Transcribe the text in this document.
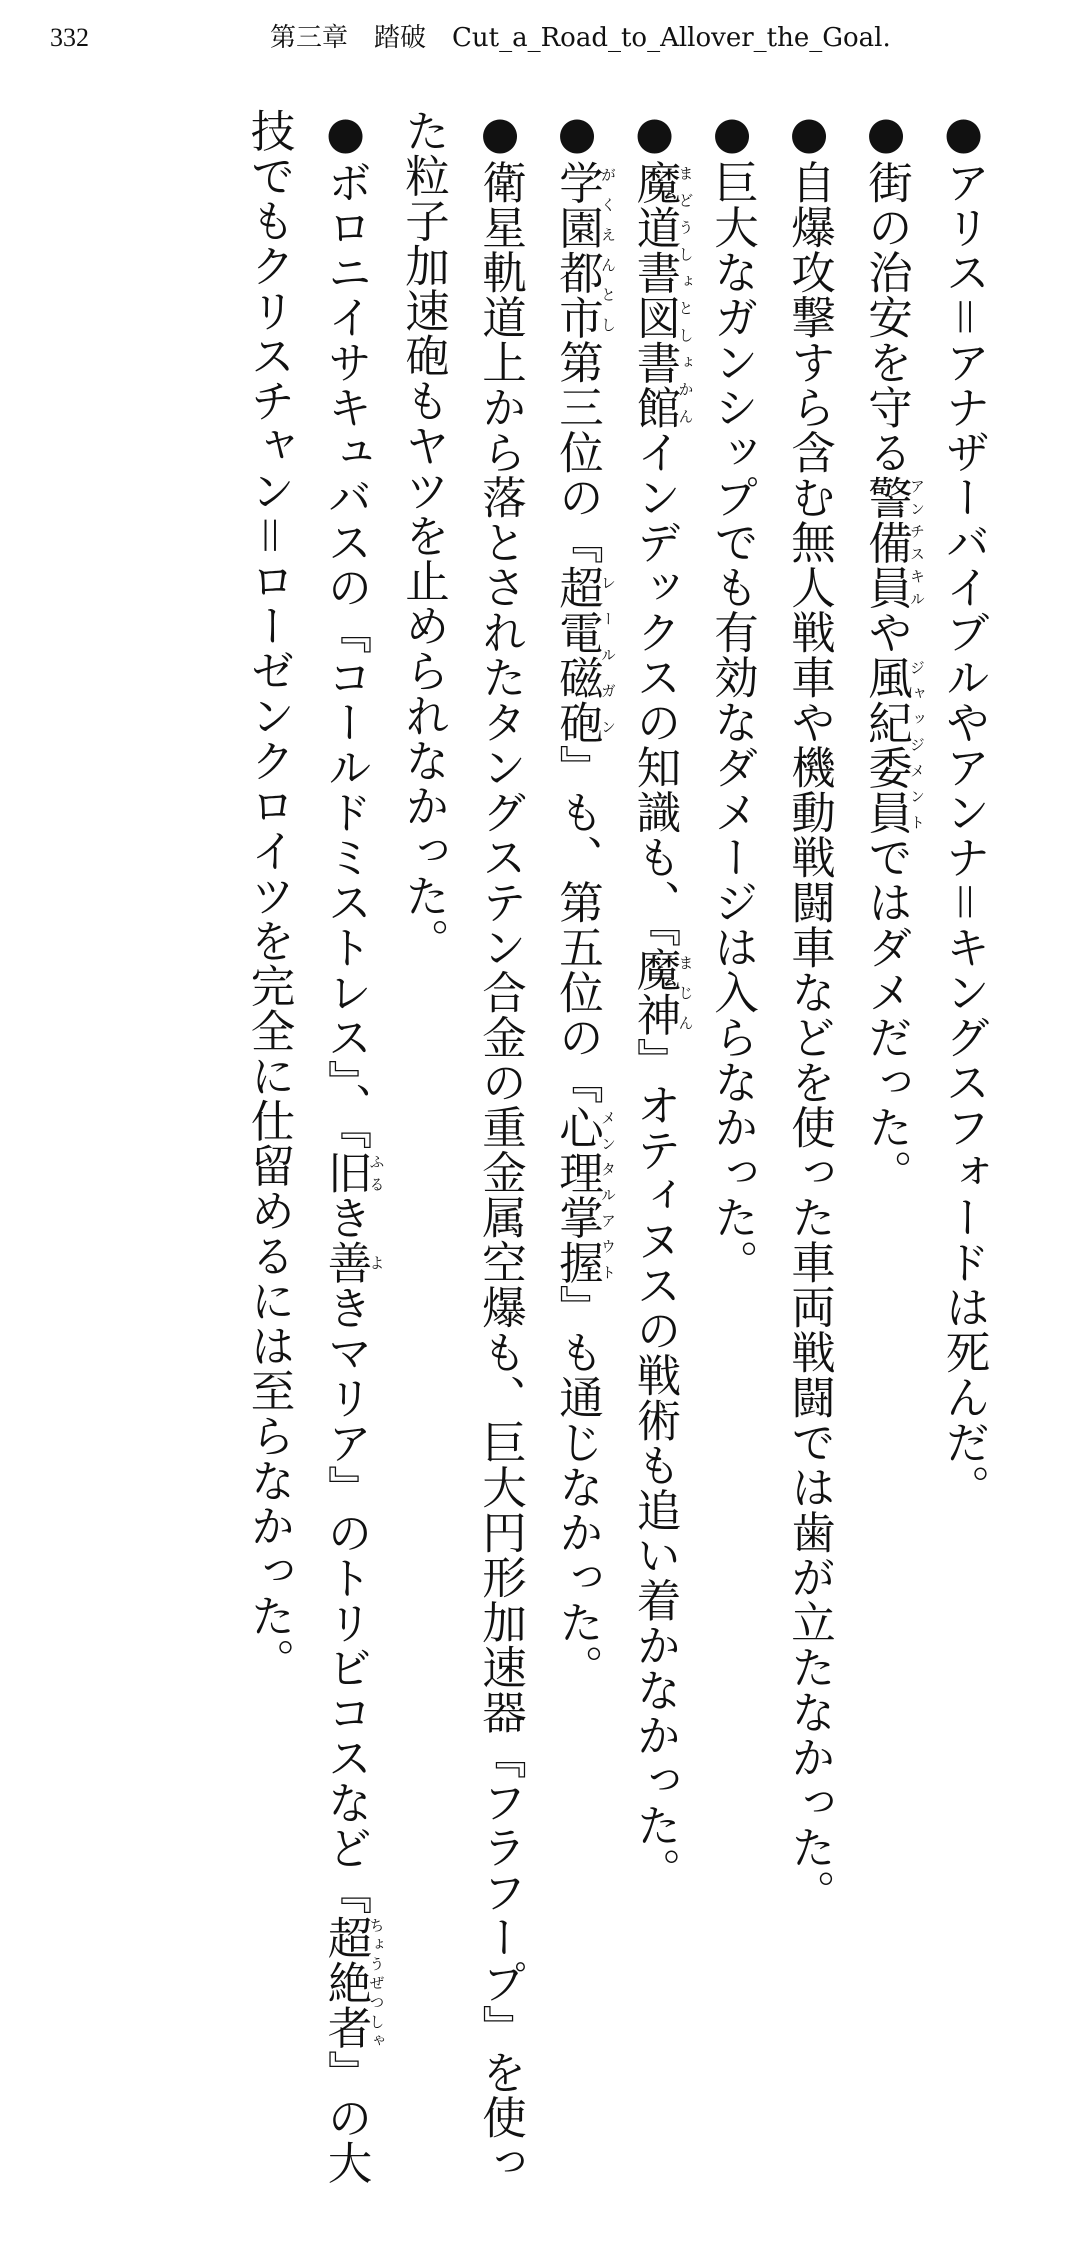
332	第三章　踏破　Cut_a_Road_to_Allover_the_Goal.

●アリス＝アナザーバイブルやアンナ＝キングスフォードは死んだ。

●街の治安を守る警備員アンチスキルや風紀委員ジャッジメントではダメだった。

●自爆攻撃すら含む無人戦車や機動戦闘車などを使った車両戦闘では歯が立たなかった。

●巨大なガンシップでも有効なダメージは入らなかった。

●魔道書図書館まどうしょとしょかんインデックスの知識も、『魔神まじん』オティヌスの戦術も追い着かなかった。

●学園都市がくえんとし第三位の『超電磁砲レールガン』も、第五位の『心理掌握メンタルアウト』も通じなかった。

●衛星軌道上から落とされたタングステン合金の重金属空爆も、巨大円形加速器『フラフープ』を使った粒子加速砲もヤツを止められなかった。

●ボロニイサキュバスの『コールドミストレス』、『旧ふるき善よきマリア』のトリビコスなど『超絶者ちょうぜつしゃ』の大技でもクリスチャン＝ローゼンクロイツを完全に仕留めるには至らなかった。
